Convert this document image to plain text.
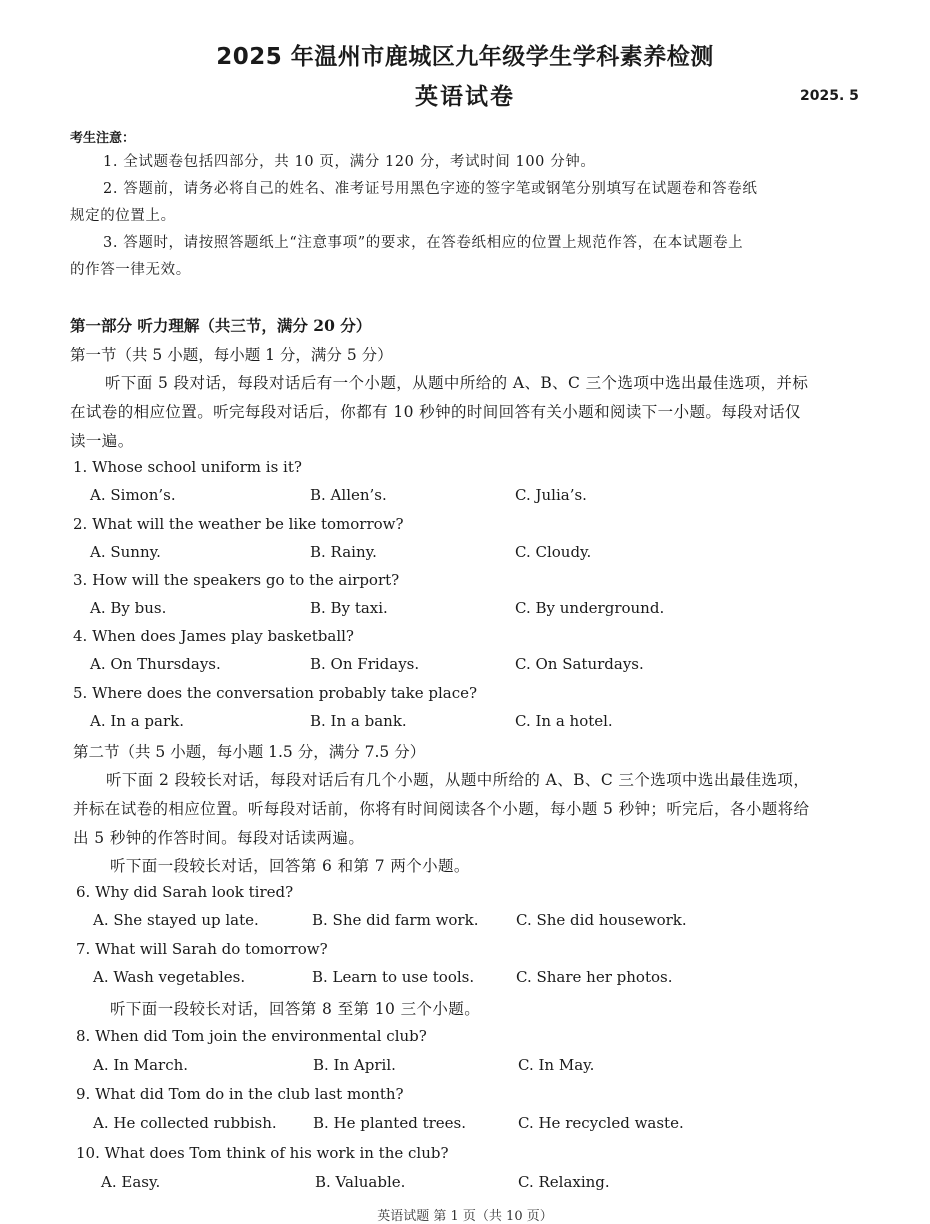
2025 年温州市鹿城区九年级学生学科素养检测
英语试卷	2025. 5
考生注意：
1. 全试题卷包括四部分，共 10 页，满分 120 分，考试时间 100 分钟。
2. 答题前，请务必将自己的姓名、准考证号用黑色字迹的签字笔或钢笔分别填写在试题卷和答卷纸
规定的位置上。
3. 答题时，请按照答题纸上“注意事项”的要求，在答卷纸相应的位置上规范作答，在本试题卷上
的作答一律无效。
第一部分 听力理解（共三节，满分 20 分）
第一节（共 5 小题，每小题 1 分，满分 5 分）
听下面 5 段对话，每段对话后有一个小题，从题中所给的 A、B、C 三个选项中选出最佳选项，并标
在试卷的相应位置。听完每段对话后，你都有 10 秒钟的时间回答有关小题和阅读下一小题。每段对话仅
读一遍。
1. Whose school uniform is it?
A. Simon’s.	B. Allen’s.	C. Julia’s.
2. What will the weather be like tomorrow?
A. Sunny.	B. Rainy.	C. Cloudy.
3. How will the speakers go to the airport?
A. By bus.	B. By taxi.	C. By underground.
4. When does James play basketball?
A. On Thursdays.	B. On Fridays.	C. On Saturdays.
5. Where does the conversation probably take place?
A. In a park.	B. In a bank.	C. In a hotel.
第二节（共 5 小题，每小题 1.5 分，满分 7.5 分）
听下面 2 段较长对话，每段对话后有几个小题，从题中所给的 A、B、C 三个选项中选出最佳选项，
并标在试卷的相应位置。听每段对话前，你将有时间阅读各个小题，每小题 5 秒钟；听完后，各小题将给
出 5 秒钟的作答时间。每段对话读两遍。
听下面一段较长对话，回答第 6 和第 7 两个小题。
6. Why did Sarah look tired?
A. She stayed up late.	B. She did farm work.	C. She did housework.
7. What will Sarah do tomorrow?
A. Wash vegetables.	B. Learn to use tools.	C. Share her photos.
听下面一段较长对话，回答第 8 至第 10 三个小题。
8. When did Tom join the environmental club?
A. In March.	B. In April.	C. In May.
9. What did Tom do in the club last month?
A. He collected rubbish. B. He planted trees.	C. He recycled waste.
10. What does Tom think of his work in the club?
A. Easy.	B. Valuable.	C. Relaxing.
英语试题 第 1 页（共 10 页）
